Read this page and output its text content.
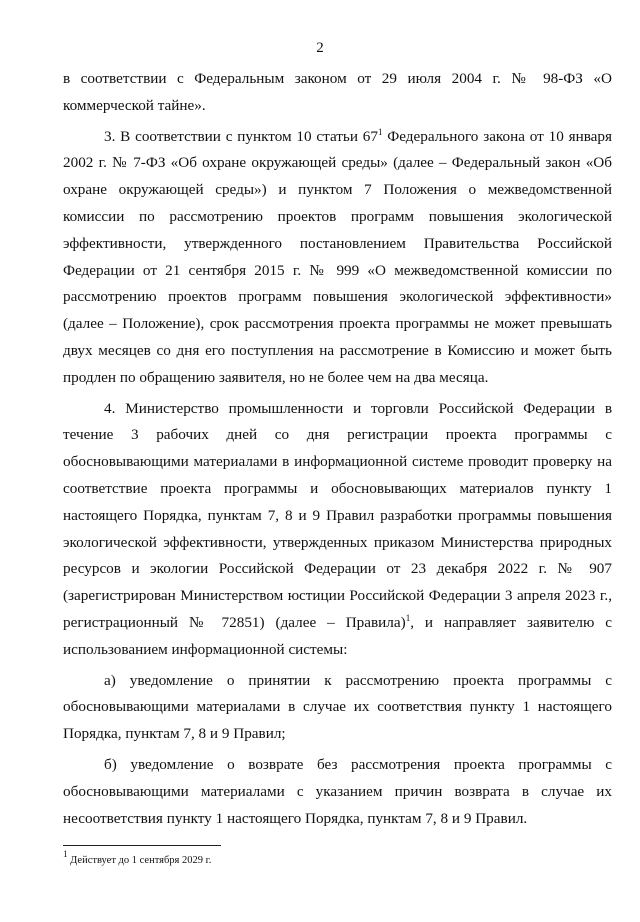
2

в соответствии с Федеральным законом от 29 июля 2004 г. № 98-ФЗ «О коммерческой тайне».

3. В соответствии с пунктом 10 статьи $67^1$ Федерального закона от 10 января 2002 г. № 7-ФЗ «Об охране окружающей среды» (далее – Федеральный закон «Об охране окружающей среды») и пунктом 7 Положения о межведомственной комиссии по рассмотрению проектов программ повышения экологической эффективности, утвержденного постановлением Правительства Российской Федерации от 21 сентября 2015 г. № 999 «О межведомственной комиссии по рассмотрению проектов программ повышения экологической эффективности» (далее – Положение), срок рассмотрения проекта программы не может превышать двух месяцев со дня его поступления на рассмотрение в Комиссию и может быть продлен по обращению заявителя, но не более чем на два месяца.

4. Министерство промышленности и торговли Российской Федерации в течение 3 рабочих дней со дня регистрации проекта программы с обосновывающими материалами в информационной системе проводит проверку на соответствие проекта программы и обосновывающих материалов пункту 1 настоящего Порядка, пунктам 7, 8 и 9 Правил разработки программы повышения экологической эффективности, утвержденных приказом Министерства природных ресурсов и экологии Российской Федерации от 23 декабря 2022 г. № 907 (зарегистрирован Министерством юстиции Российской Федерации 3 апреля 2023 г., регистрационный № 72851) (далее – Правила)$^1$, и направляет заявителю с использованием информационной системы:

а) уведомление о принятии к рассмотрению проекта программы с обосновывающими материалами в случае их соответствия пункту 1 настоящего Порядка, пунктам 7, 8 и 9 Правил;

б) уведомление о возврате без рассмотрения проекта программы с обосновывающими материалами с указанием причин возврата в случае их несоответствия пункту 1 настоящего Порядка, пунктам 7, 8 и 9 Правил.

$^1$ Действует до 1 сентября 2029 г.
